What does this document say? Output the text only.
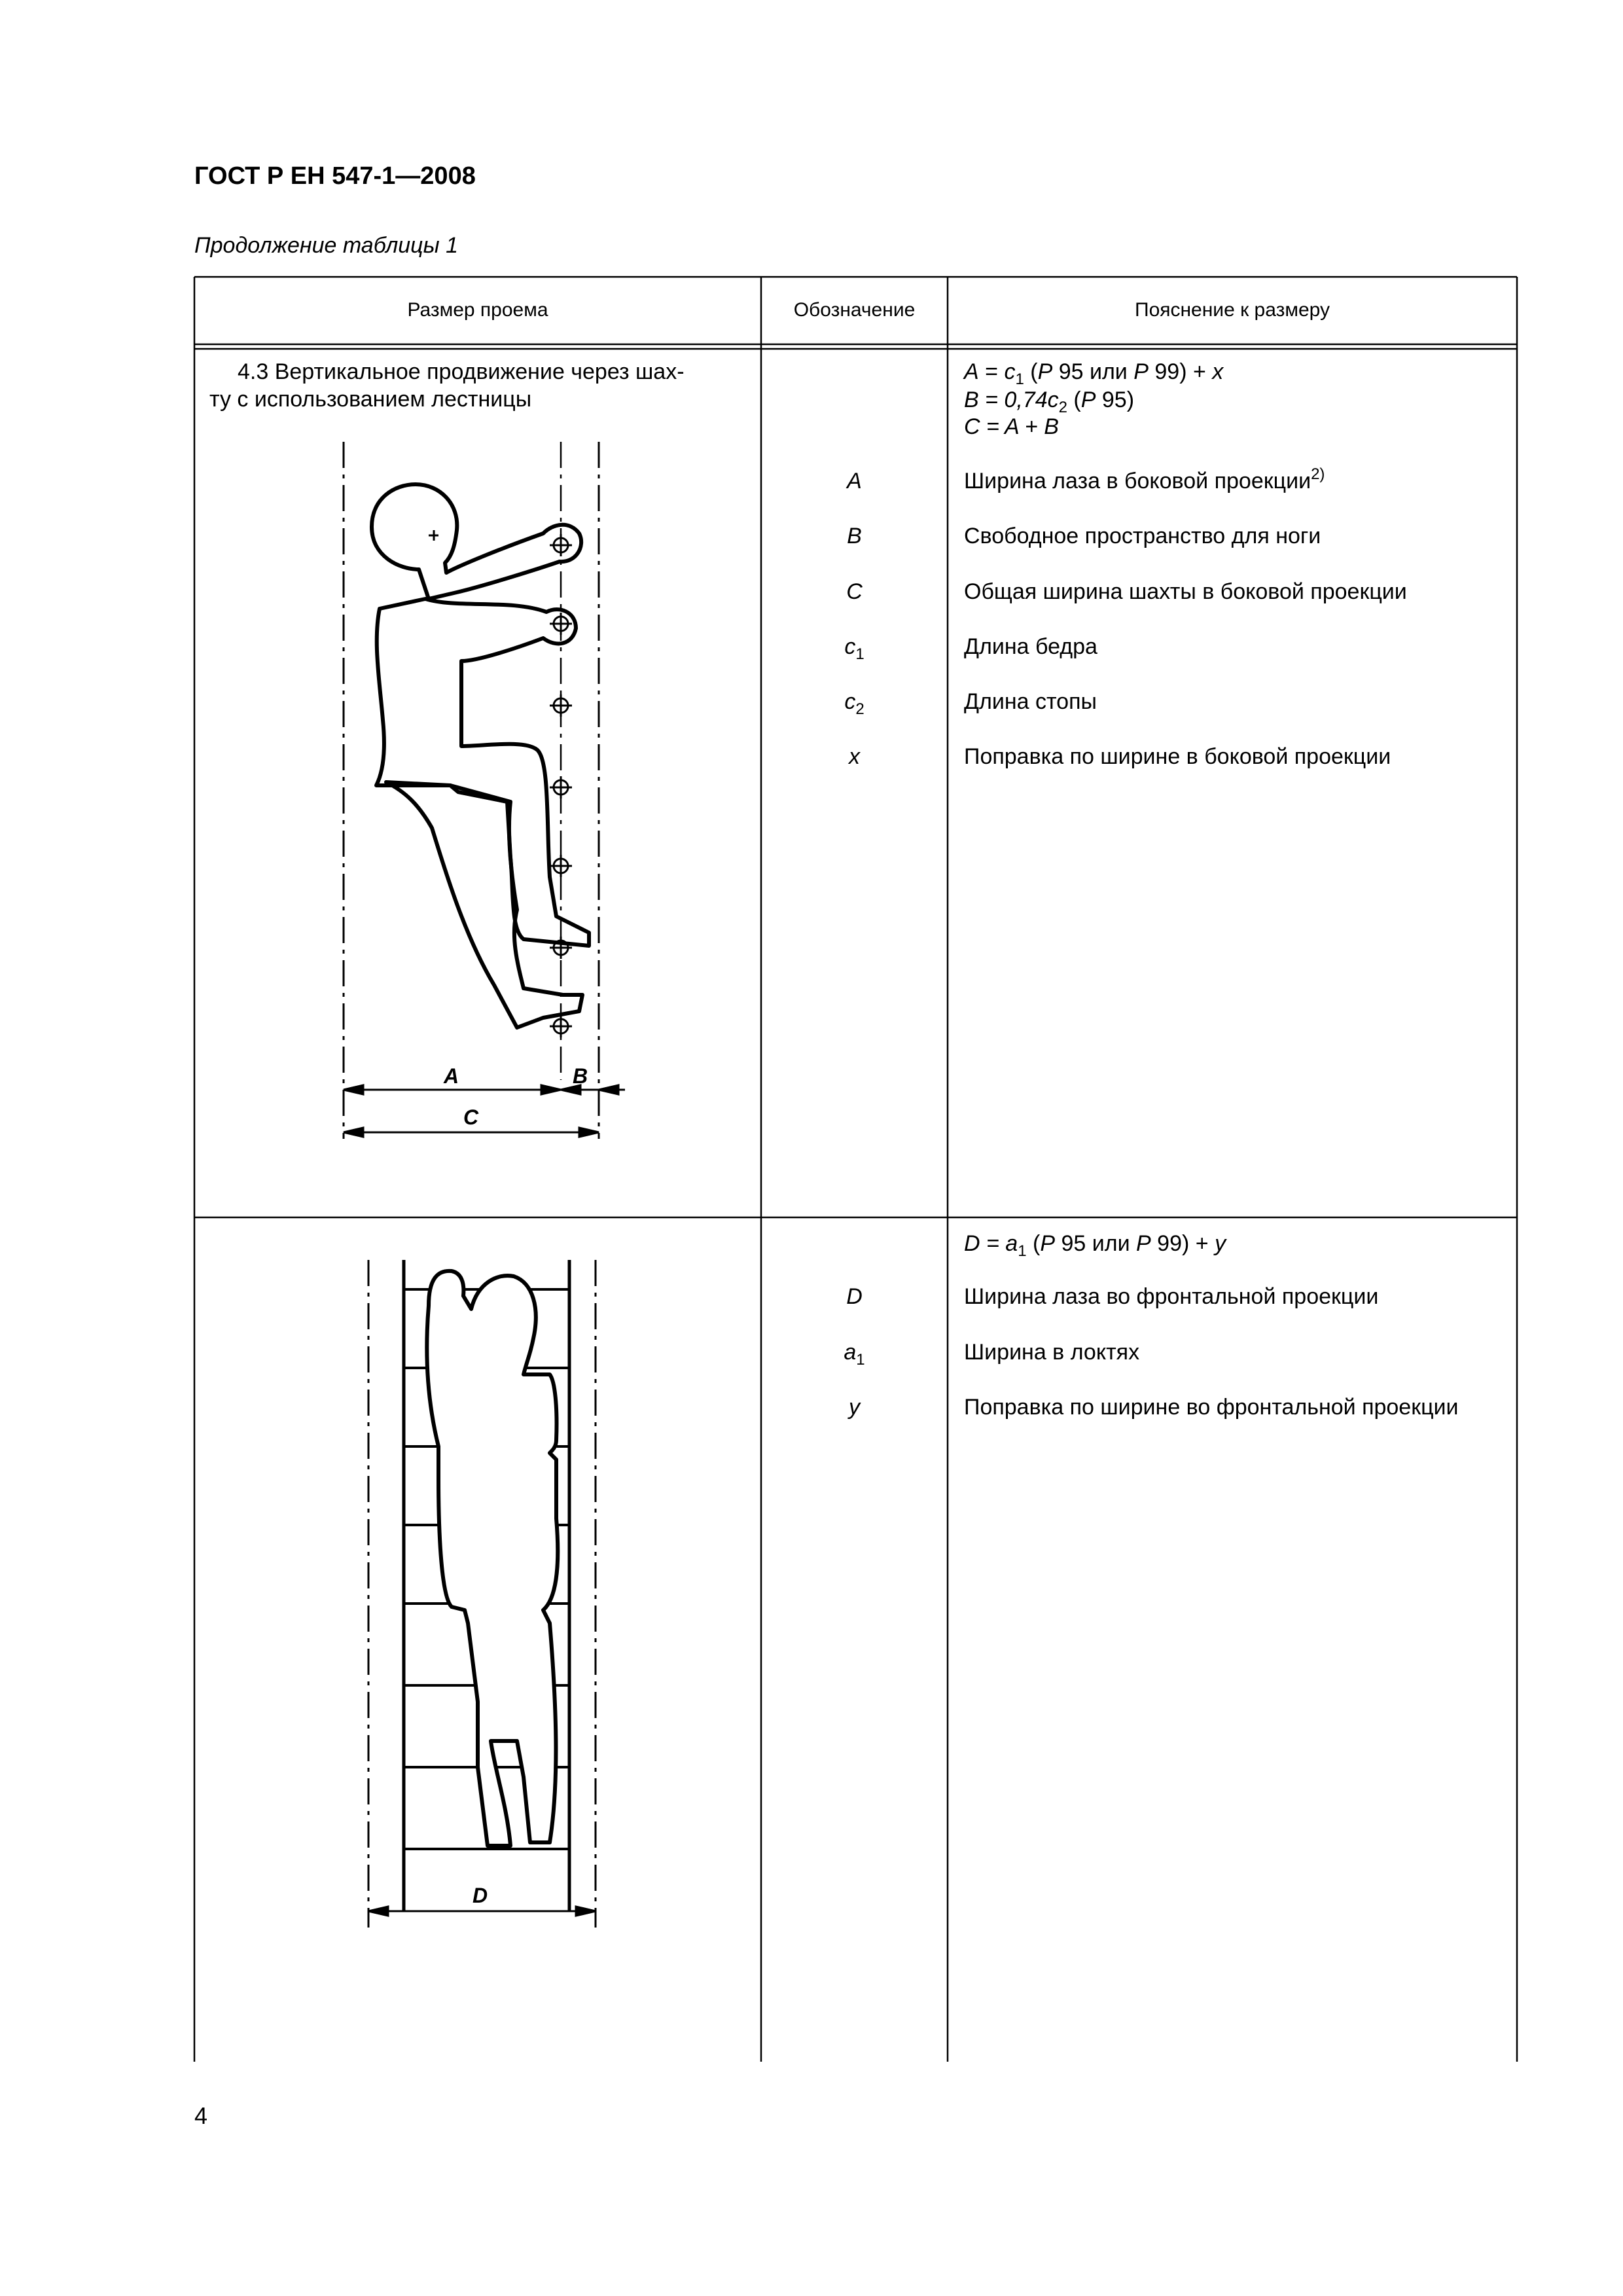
ГОСТ Р ЕН 547-1—2008
Продолжение таблицы 1
A	B
C
D
Размер проема	Обозначение	Пояснение к размеру
4.3 Вертикальное продвижение через шах-
ту с использованием лестницы
$A = c_1$ (P 95 или P 99) + x
$B = 0,74c_2$ (P 95)
C = A + B
A	Ширина лаза в боковой проекции$^{2)}$
B	Свободное пространство для ноги
C	Общая ширина шахты в боковой проекции
$c_1$	Длина бедра
$c_2$	Длина стопы
x	Поправка по ширине в боковой проекции
$D = a_1$ (P 95 или P 99) + y
D	Ширина лаза во фронтальной проекции
$a_1$	Ширина в локтях
y	Поправка по ширине во фронтальной проекции
4
